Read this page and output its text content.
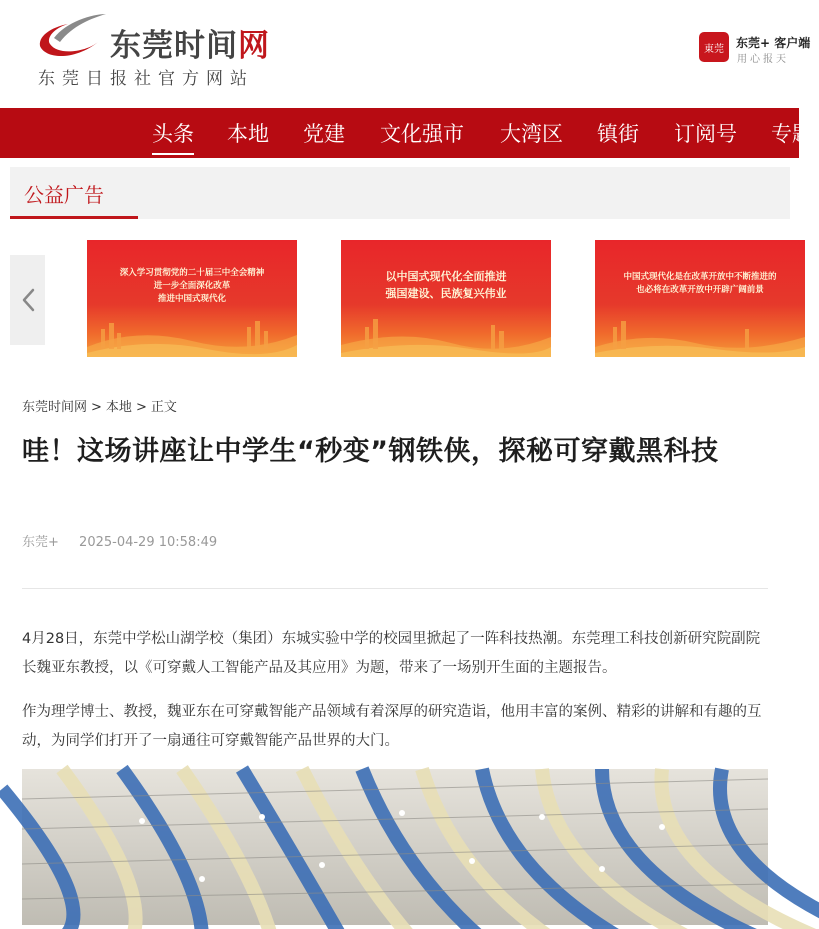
东莞时间网
东莞日报社官方网站
東莞	东莞+ 客户端
用心报天
头条 本地 党建 文化强市 大湾区 镇街 订阅号 专题
公益广告
深入学习贯彻党的二十届三中全会精神
进一步全面深化改革
推进中国式现代化
以中国式现代化全面推进
强国建设、民族复兴伟业
中国式现代化是在改革开放中不断推进的
也必将在改革开放中开辟广阔前景
东莞时间网 > 本地 > 正文
哇！这场讲座让中学生“秒变”钢铁侠，探秘可穿戴黑科技
东莞+ 2025-04-29 10:58:49

4月28日，东莞中学松山湖学校（集团）东城实验中学的校园里掀起了一阵科技热潮。东莞理工科技创新研究院副院长魏亚东教授，以《可穿戴人工智能产品及其应用》为题，带来了一场别开生面的主题报告。

作为理学博士、教授，魏亚东在可穿戴智能产品领域有着深厚的研究造诣，他用丰富的案例、精彩的讲解和有趣的互动，为同学们打开了一扇通往可穿戴智能产品世界的大门。
